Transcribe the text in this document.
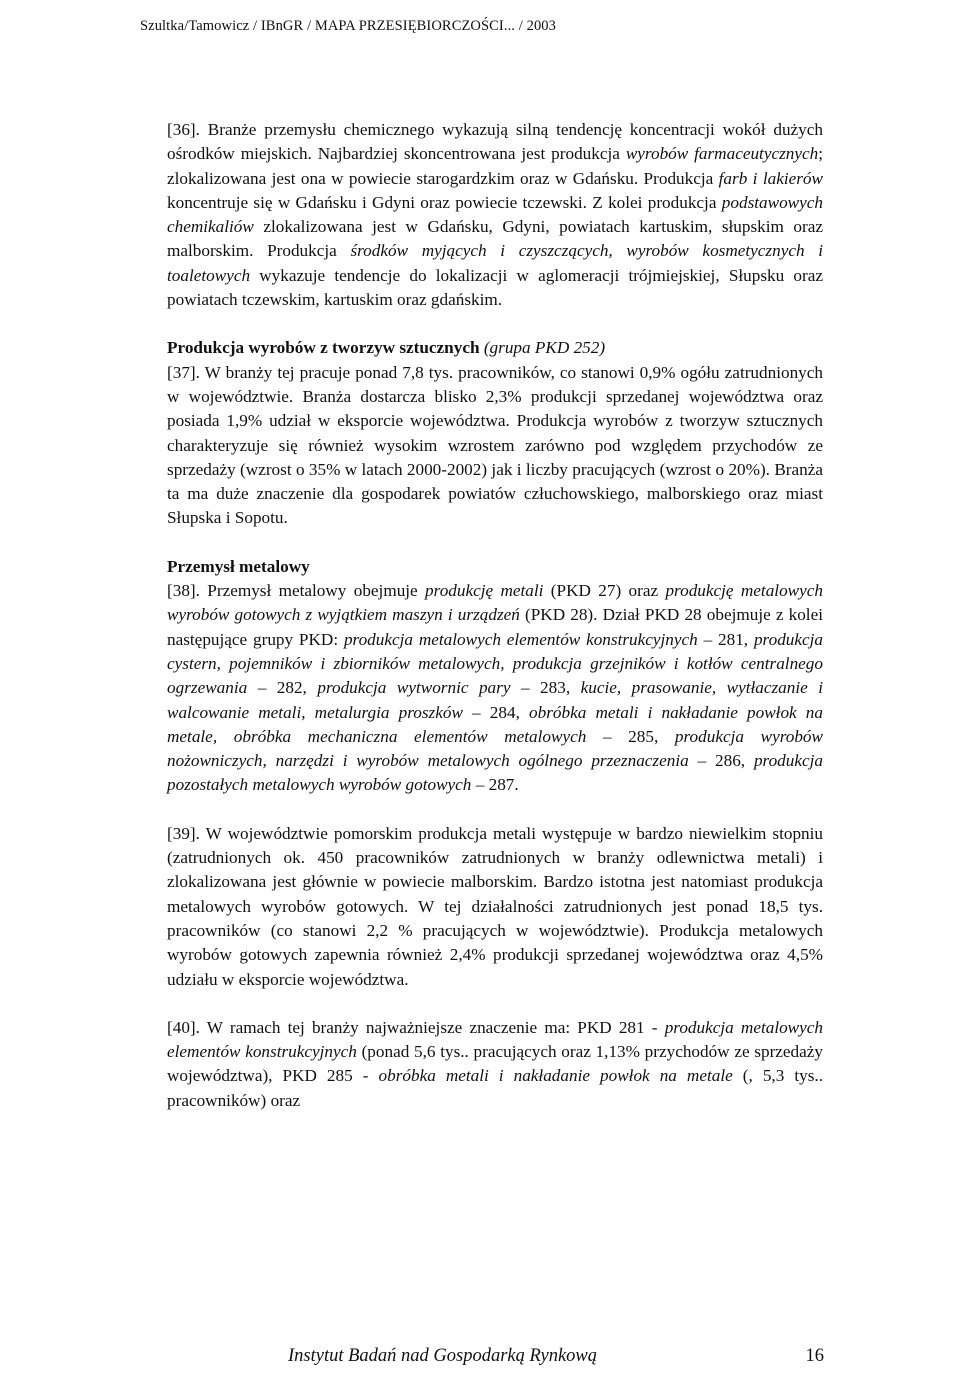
Szultka/Tamowicz / IBnGR / MAPA PRZESIĘBIORCZOŚCI... / 2003

[36]. Branże przemysłu chemicznego wykazują silną tendencję koncentracji wokół dużych ośrodków miejskich. Najbardziej skoncentrowana jest produkcja wyrobów farmaceutycznych; zlokalizowana jest ona w powiecie starogardzkim oraz w Gdańsku. Produkcja farb i lakierów koncentruje się w Gdańsku i Gdyni oraz powiecie tczewski. Z kolei produkcja podstawowych chemikaliów zlokalizowana jest w Gdańsku, Gdyni, powiatach kartuskim, słupskim oraz malborskim. Produkcja środków myjących i czyszczących, wyrobów kosmetycznych i toaletowych wykazuje tendencje do lokalizacji w aglomeracji trójmiejskiej, Słupsku oraz powiatach tczewskim, kartuskim oraz gdańskim.

Produkcja wyrobów z tworzyw sztucznych (grupa PKD 252)

[37]. W branży tej pracuje ponad 7,8 tys. pracowników, co stanowi 0,9% ogółu zatrudnionych w województwie. Branża dostarcza blisko 2,3% produkcji sprzedanej województwa oraz posiada 1,9% udział w eksporcie województwa. Produkcja wyrobów z tworzyw sztucznych charakteryzuje się również wysokim wzrostem zarówno pod względem przychodów ze sprzedaży (wzrost o 35% w latach 2000-2002) jak i liczby pracujących (wzrost o 20%). Branża ta ma duże znaczenie dla gospodarek powiatów człuchowskiego, malborskiego oraz miast Słupska i Sopotu.

Przemysł metalowy

[38]. Przemysł metalowy obejmuje produkcję metali (PKD 27) oraz produkcję metalowych wyrobów gotowych z wyjątkiem maszyn i urządzeń (PKD 28). Dział PKD 28 obejmuje z kolei następujące grupy PKD: produkcja metalowych elementów konstrukcyjnych – 281, produkcja cystern, pojemników i zbiorników metalowych, produkcja grzejników i kotłów centralnego ogrzewania – 282, produkcja wytwornic pary – 283, kucie, prasowanie, wytłaczanie i walcowanie metali, metalurgia proszków – 284, obróbka metali i nakładanie powłok na metale, obróbka mechaniczna elementów metalowych – 285, produkcja wyrobów nożowniczych, narzędzi i wyrobów metalowych ogólnego przeznaczenia – 286, produkcja pozostałych metalowych wyrobów gotowych – 287.

[39]. W województwie pomorskim produkcja metali występuje w bardzo niewielkim stopniu (zatrudnionych ok. 450 pracowników zatrudnionych w branży odlewnictwa metali) i zlokalizowana jest głównie w powiecie malborskim. Bardzo istotna jest natomiast produkcja metalowych wyrobów gotowych. W tej działalności zatrudnionych jest ponad 18,5 tys. pracowników (co stanowi 2,2 % pracujących w województwie). Produkcja metalowych wyrobów gotowych zapewnia również 2,4% produkcji sprzedanej województwa oraz 4,5% udziału w eksporcie województwa.

[40]. W ramach tej branży najważniejsze znaczenie ma: PKD 281 - produkcja metalowych elementów konstrukcyjnych (ponad 5,6 tys.. pracujących oraz 1,13% przychodów ze sprzedaży województwa), PKD 285 - obróbka metali i nakładanie powłok na metale (, 5,3 tys.. pracowników) oraz

Instytut Badań nad Gospodarką Rynkową	16
